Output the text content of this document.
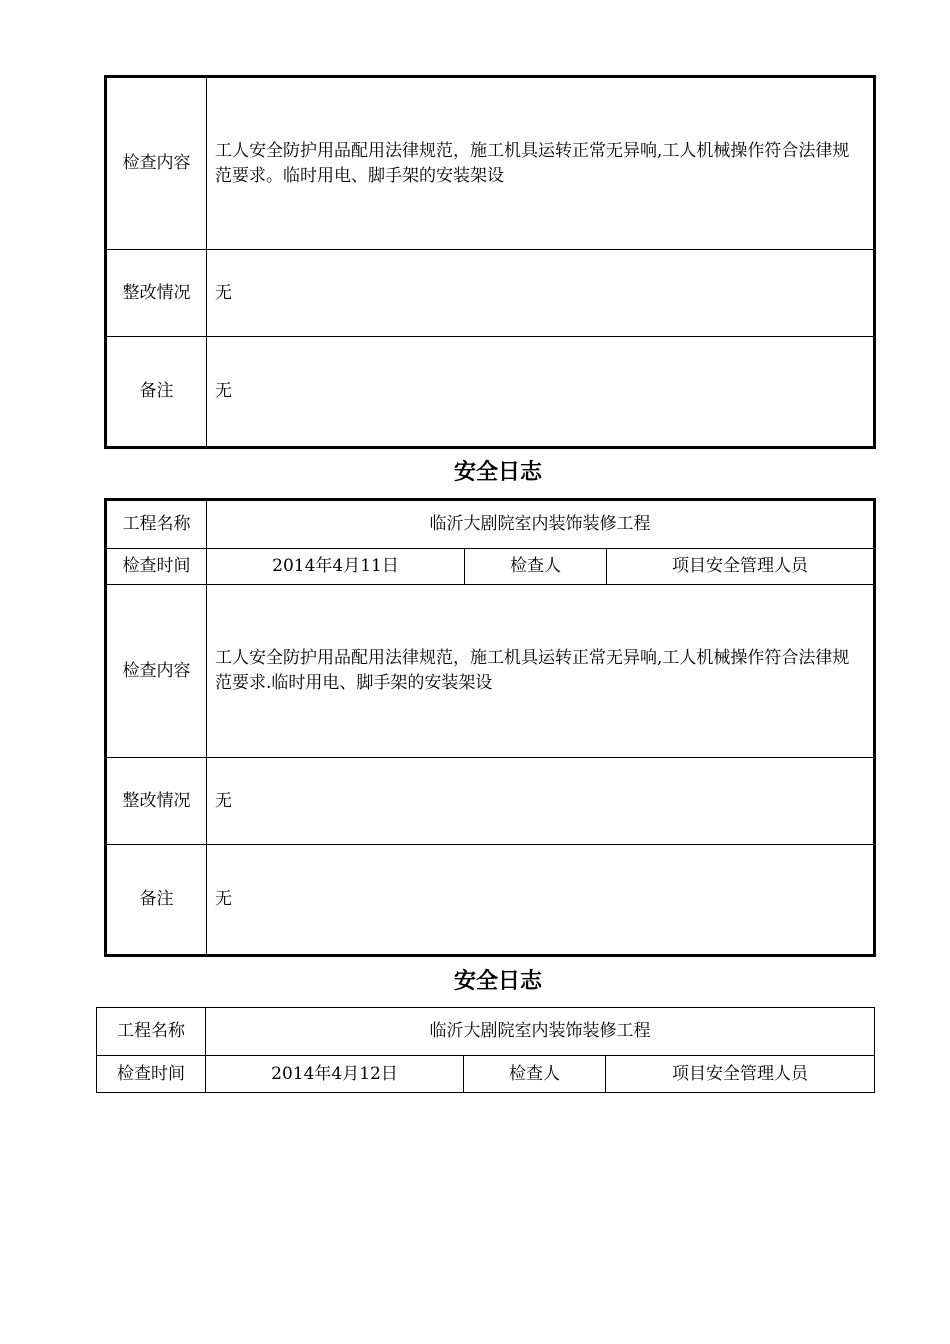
检查内容	工人安全防护用品配用法律规范，施工机具运转正常无异响,工人机械操作符合法律规范要求。临时用电、脚手架的安装架设
整改情况	无
备注	无
安全日志
工程名称	临沂大剧院室内装饰装修工程		
检查时间	2014年4月11日	检查人	项目安全管理人员
检查内容	工人安全防护用品配用法律规范，施工机具运转正常无异响,工人机械操作符合法律规范要求.临时用电、脚手架的安装架设		
整改情况	无		
备注	无		
安全日志
工程名称	临沂大剧院室内装饰装修工程		
检查时间	2014年4月12日	检查人	项目安全管理人员
